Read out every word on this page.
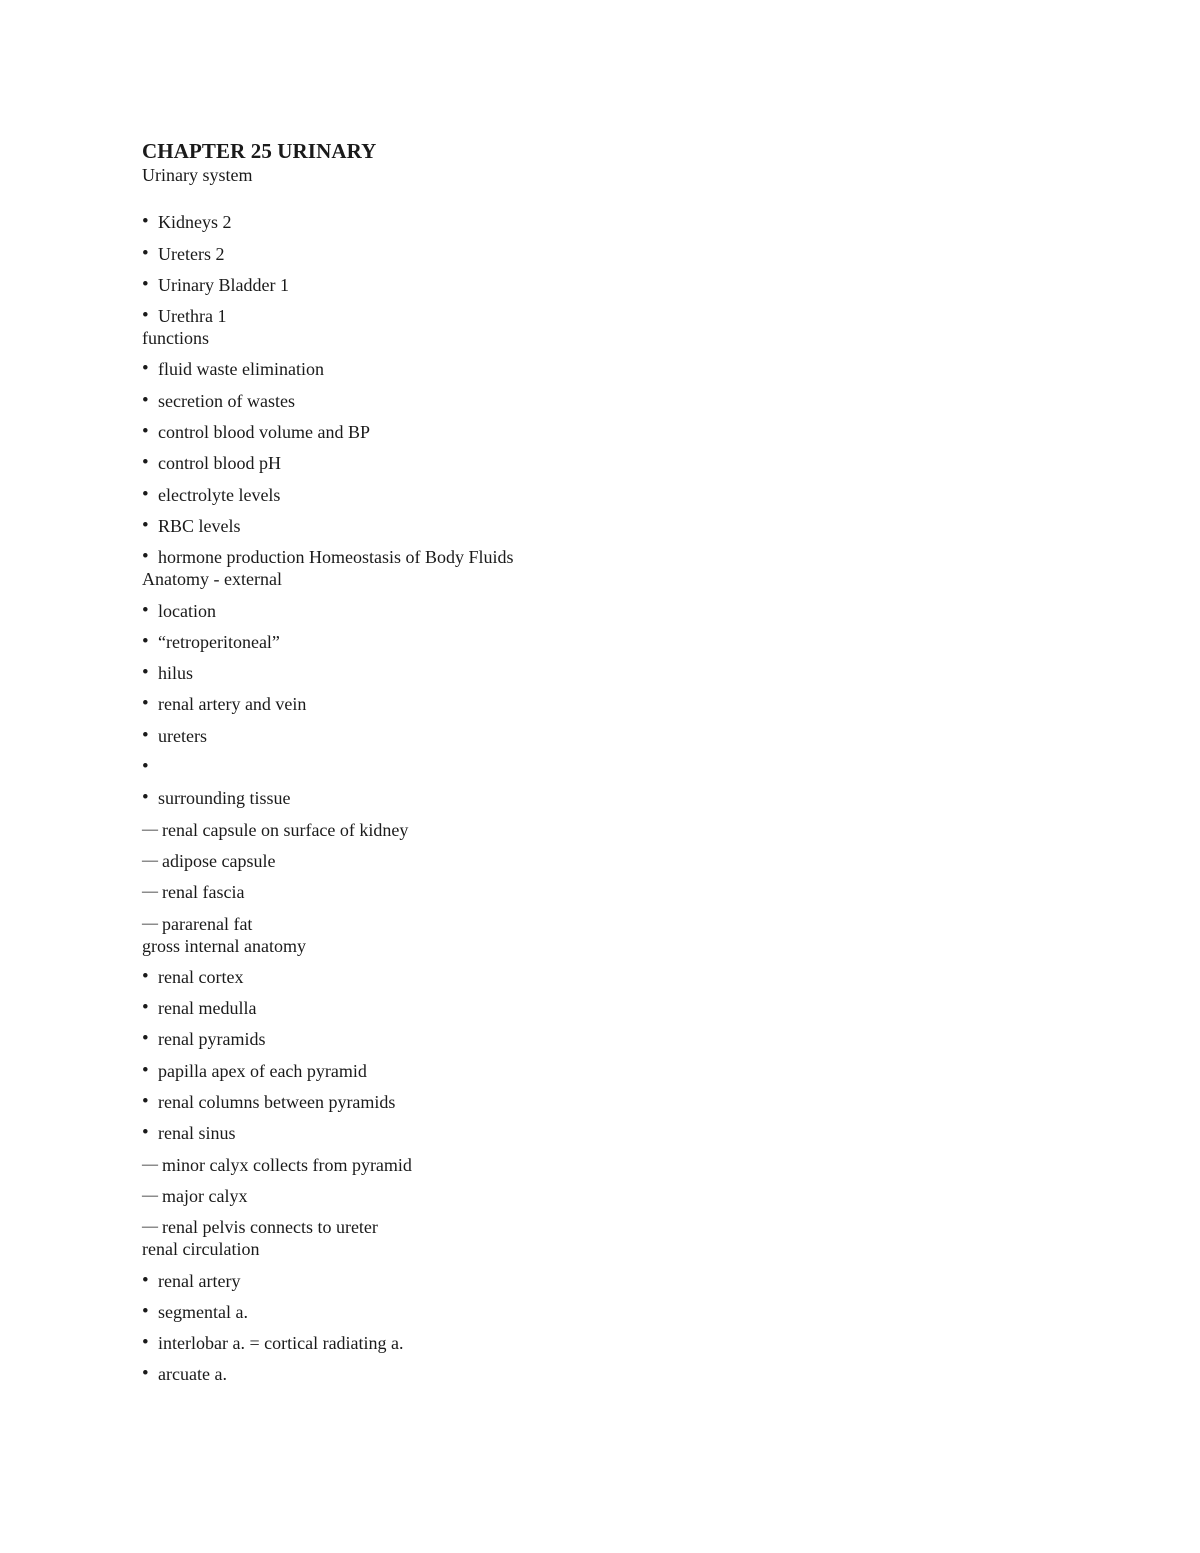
CHAPTER 25 URINARY

Urinary system

•
Kidneys 2
•
Ureters 2
•
Urinary Bladder 1
•
Urethra 1

functions

•
fluid waste elimination
•
secretion of wastes
•
control blood volume and BP
•
control blood pH
•
electrolyte levels
•
RBC levels
•
hormone production Homeostasis of Body Fluids

Anatomy - external

•
location
•
“retroperitoneal”
•
hilus
•
renal artery and vein
•
ureters
•
•
surrounding tissue
—
renal capsule on surface of kidney
—
adipose capsule
—
renal fascia
—
pararenal fat

gross internal anatomy

•
renal cortex
•
renal medulla
•
renal pyramids
•
papilla apex of each pyramid
•
renal columns between pyramids
•
renal sinus
—
minor calyx collects from pyramid
—
major calyx
—
renal pelvis connects to ureter

renal circulation

•
renal artery
•
segmental a.
•
interlobar a. = cortical radiating a.
•
arcuate a.
